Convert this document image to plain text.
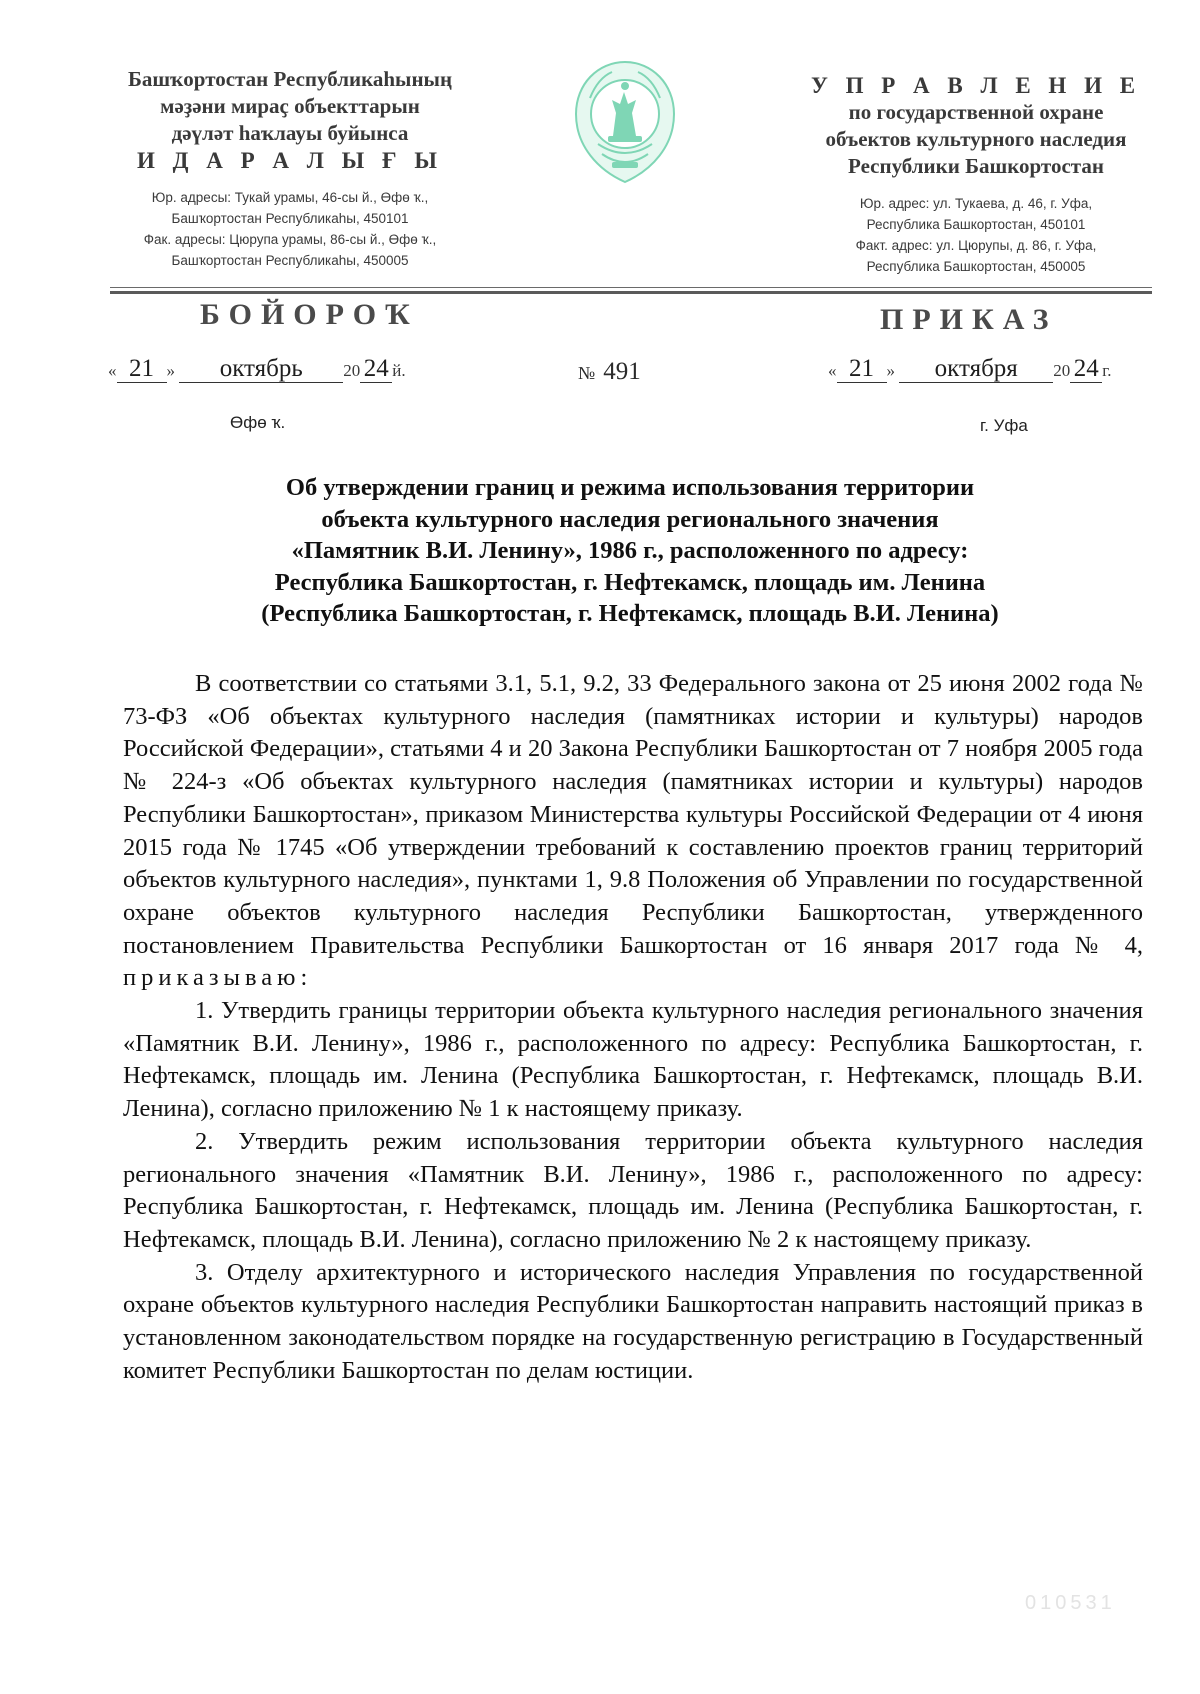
Башҡортостан Республикаһының
мәҙәни мираҫ объекттарын
дәүләт һаҡлауы буйынса
И Д А Р А Л Ы Ғ Ы
Юр. адресы: Тукай урамы, 46-сы й., Өфө ҡ.,
Башҡортостан Республикаһы, 450101
Фак. адресы: Цюрупа урамы, 86-сы й., Өфө ҡ.,
Башҡортостан Республикаһы, 450005
У П Р А В Л Е Н И Е
по государственной охране
объектов культурного наследия
Республики Башкортостан
Юр. адрес: ул. Тукаева, д. 46, г. Уфа,
Республика Башкортостан, 450101
Факт. адрес: ул. Цюрупы, д. 86, г. Уфа,
Республика Башкортостан, 450005
БОЙОРОҠ	ПРИКАЗ
« 21 » октябрь 20 24 й.	№ 491	« 21 » октября 20 24 г.
Өфө ҡ.	г. Уфа
Об утверждении границ и режима использования территории
объекта культурного наследия регионального значения
«Памятник В.И. Ленину», 1986 г., расположенного по адресу:
Республика Башкортостан, г. Нефтекамск, площадь им. Ленина
(Республика Башкортостан, г. Нефтекамск, площадь В.И. Ленина)

В соответствии со статьями 3.1, 5.1, 9.2, 33 Федерального закона от 25 июня 2002 года № 73-ФЗ «Об объектах культурного наследия (памятниках истории и культуры) народов Российской Федерации», статьями 4 и 20 Закона Республики Башкортостан от 7 ноября 2005 года № 224-з «Об объектах культурного наследия (памятниках истории и культуры) народов Республики Башкортостан», приказом Министерства культуры Российской Федерации от 4 июня 2015 года № 1745 «Об утверждении требований к составлению проектов границ территорий объектов культурного наследия», пунктами 1, 9.8 Положения об Управлении по государственной охране объектов культурного наследия Республики Башкортостан, утвержденного постановлением Правительства Республики Башкортостан от 16 января 2017 года № 4, приказываю:

1. Утвердить границы территории объекта культурного наследия регионального значения «Памятник В.И. Ленину», 1986 г., расположенного по адресу: Республика Башкортостан, г. Нефтекамск, площадь им. Ленина (Республика Башкортостан, г. Нефтекамск, площадь В.И. Ленина), согласно приложению № 1 к настоящему приказу.

2. Утвердить режим использования территории объекта культурного наследия регионального значения «Памятник В.И. Ленину», 1986 г., расположенного по адресу: Республика Башкортостан, г. Нефтекамск, площадь им. Ленина (Республика Башкортостан, г. Нефтекамск, площадь В.И. Ленина), согласно приложению № 2 к настоящему приказу.

3. Отделу архитектурного и исторического наследия Управления по государственной охране объектов культурного наследия Республики Башкортостан направить настоящий приказ в установленном законодательством порядке на государственную регистрацию в Государственный комитет Республики Башкортостан по делам юстиции.

010531
